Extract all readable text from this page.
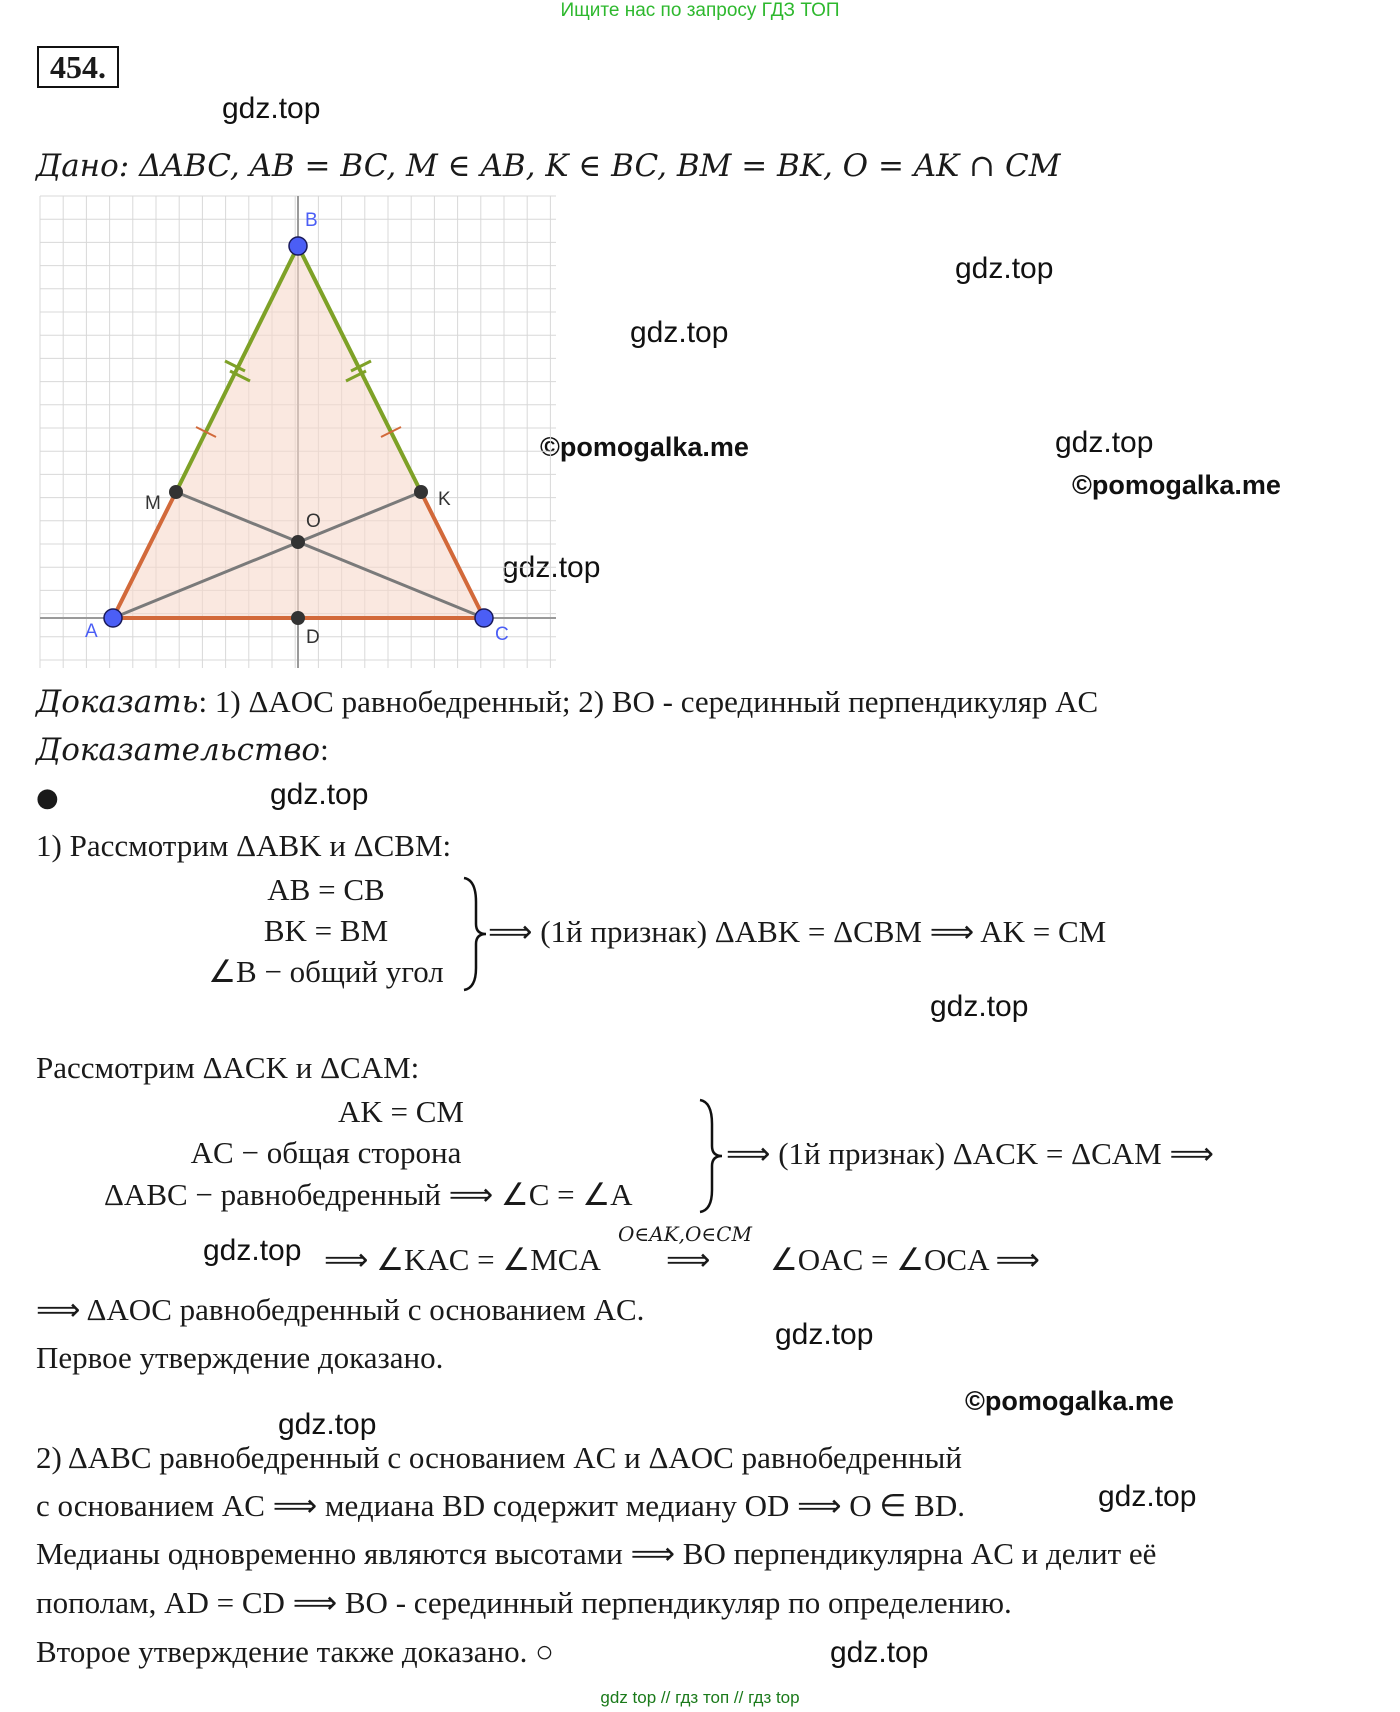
Ищите нас по запросу ГДЗ ТОП
454.
gdz.top
gdz.top
gdz.top
©pomogalka.me	gdz.top
©pomogalka.me
gdz.top
gdz.top
gdz.top
gdz.top
gdz.top
©pomogalka.me
gdz.top
gdz.top
gdz.top
Дано: ΔABC, AB = BC, M ∈ AB, K ∈ BC, BM = BK, O = AK ∩ CM
B
A	C
M	K
O
D
Доказать: 1) ΔAOC равнобедренный; 2) BO - серединный перпендикуляр AC
Доказательство:
●
1) Рассмотрим ΔABK и ΔCBM:
AB = CB
BK = BM
∠B − общий угол
⟹ (1й признак) ΔABK = ΔCBM ⟹ AK = CM
Рассмотрим ΔACK и ΔCAM:
AK = CM
AC − общая сторона
ΔABC − равнобедренный ⟹ ∠C = ∠A
⟹ (1й признак) ΔACK = ΔCAM ⟹
⟹ ∠KAC = ∠MCA
O∈AK,O∈CM
⟹ ∠OAC = ∠OCA ⟹
⟹ ΔAOC равнобедренный с основанием AC.
Первое утверждение доказано.
2) ΔABC равнобедренный с основанием AC и ΔAOC равнобедренный
с основанием AC ⟹ медиана BD содержит медиану OD ⟹ O ∈ BD.
Медианы одновременно являются высотами ⟹ BO перпендикулярна AC и делит её
пополам, AD = CD ⟹ BO - серединный перпендикуляр по определению.
Второе утверждение также доказано. ○
gdz top // гдз топ // гдз top
